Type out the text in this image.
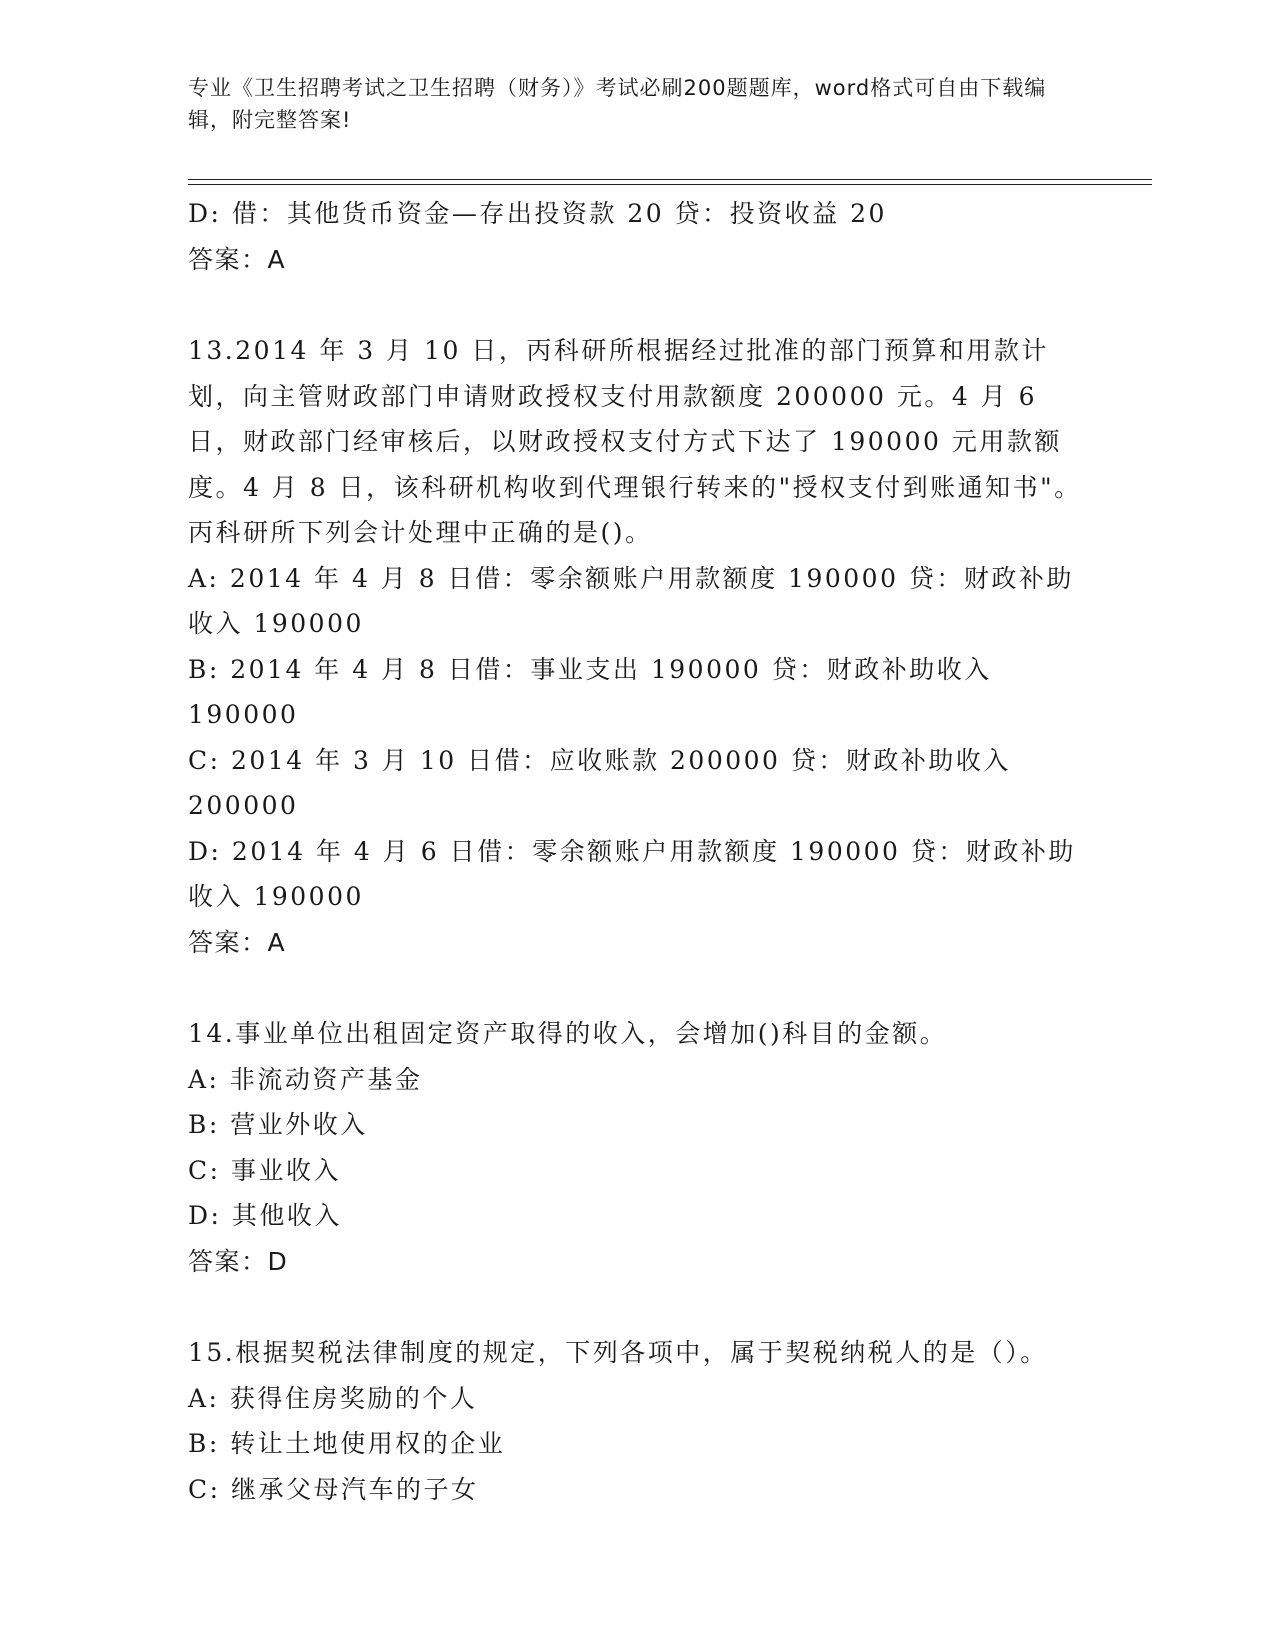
专业《卫生招聘考试之卫生招聘（财务）》考试必刷200题题库，word格式可自由下载编辑，附完整答案!

D: 借：其他货币资金—存出投资款 20 贷：投资收益 20

答案：A

13.2014 年 3 月 10 日，丙科研所根据经过批准的部门预算和用款计划，向主管财政部门申请财政授权支付用款额度 200000 元。4 月 6 日，财政部门经审核后，以财政授权支付方式下达了 190000 元用款额度。4 月 8 日，该科研机构收到代理银行转来的"授权支付到账通知书"。丙科研所下列会计处理中正确的是()。

A: 2014 年 4 月 8 日借：零余额账户用款额度 190000 贷：财政补助收入 190000

B: 2014 年 4 月 8 日借：事业支出 190000 贷：财政补助收入 190000

C: 2014 年 3 月 10 日借：应收账款 200000 贷：财政补助收入 200000

D: 2014 年 4 月 6 日借：零余额账户用款额度 190000 贷：财政补助收入 190000

答案：A

14.事业单位出租固定资产取得的收入，会增加()科目的金额。

A: 非流动资产基金

B: 营业外收入

C: 事业收入

D: 其他收入

答案：D

15.根据契税法律制度的规定，下列各项中，属于契税纳税人的是（）。

A: 获得住房奖励的个人

B: 转让土地使用权的企业

C: 继承父母汽车的子女
